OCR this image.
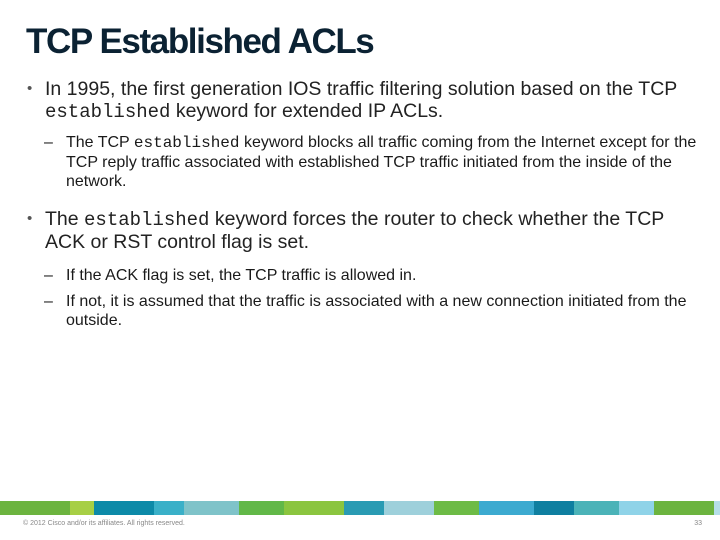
TCP Established ACLs
• In 1995, the first generation IOS traffic filtering solution based on the TCP established keyword for extended IP ACLs.
– The TCP established keyword blocks all traffic coming from the Internet except for the TCP reply traffic associated with established TCP traffic initiated from the inside of the network.
• The established keyword forces the router to check whether the TCP ACK or RST control flag is set.
– If the ACK flag is set, the TCP traffic is allowed in.
– If not, it is assumed that the traffic is associated with a new connection initiated from the outside.
© 2012 Cisco and/or its affiliates. All rights reserved.	33
